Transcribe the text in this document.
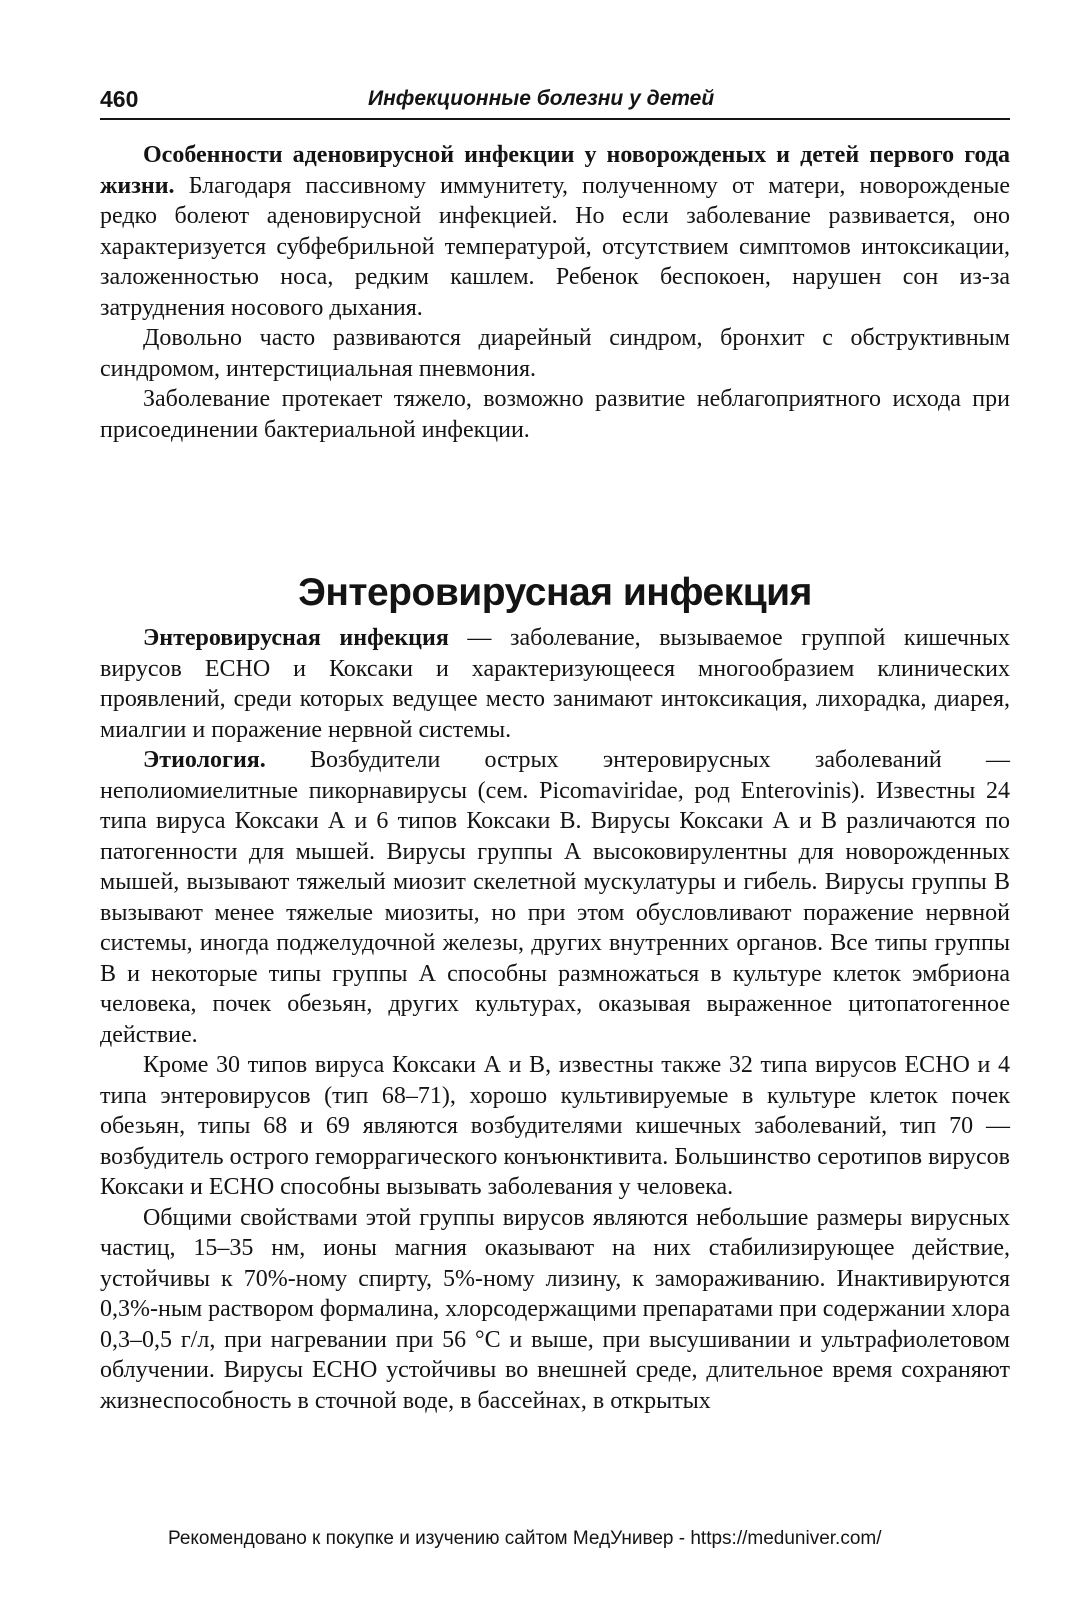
460	Инфекционные болезни у детей

Особенности аденовирусной инфекции у новорожденых и детей первого года жизни. Благодаря пассивному иммунитету, полученному от матери, новорожденые редко болеют аденовирусной инфекцией. Но если заболевание развивается, оно характеризуется субфебрильной температурой, отсутствием симптомов интоксикации, заложенностью носа, редким кашлем. Ребенок беспокоен, нарушен сон из-за затруднения носового дыхания.

Довольно часто развиваются диарейный синдром, бронхит с обструктивным синдромом, интерстициальная пневмония.

Заболевание протекает тяжело, возможно развитие неблагоприятного исхода при присоединении бактериальной инфекции.

Энтеровирусная инфекция

Энтеровирусная инфекция — заболевание, вызываемое группой кишечных вирусов ЕСНО и Коксаки и характеризующееся многообразием клинических проявлений, среди которых ведущее место занимают интоксикация, лихорадка, диарея, миалгии и поражение нервной системы.

Этиология. Возбудители острых энтеровирусных заболеваний — неполиомиелитные пикорнавирусы (сем. Picomaviridae, род Enterovinis). Известны 24 типа вируса Коксаки А и 6 типов Коксаки В. Вирусы Коксаки А и В различаются по патогенности для мышей. Вирусы группы А высоковирулентны для новорожденных мышей, вызывают тяжелый миозит скелетной мускулатуры и гибель. Вирусы группы В вызывают менее тяжелые миозиты, но при этом обусловливают поражение нервной системы, иногда поджелудочной железы, других внутренних органов. Все типы группы В и некоторые типы группы А способны размножаться в культуре клеток эмбриона человека, почек обезьян, других культурах, оказывая выраженное цитопатогенное действие.

Кроме 30 типов вируса Коксаки А и В, известны также 32 типа вирусов ЕСНО и 4 типа энтеровирусов (тип 68–71), хорошо культивируемые в культуре клеток почек обезьян, типы 68 и 69 являются возбудителями кишечных заболеваний, тип 70 — возбудитель острого геморрагического конъюнктивита. Большинство серотипов вирусов Коксаки и ЕСНО способны вызывать заболевания у человека.

Общими свойствами этой группы вирусов являются небольшие размеры вирусных частиц, 15–35 нм, ионы магния оказывают на них стабилизирующее действие, устойчивы к 70%-ному спирту, 5%-ному лизину, к замораживанию. Инактивируются 0,3%-ным раствором формалина, хлорсодержащими препаратами при содержании хлора 0,3–0,5 г/л, при нагревании при 56 °С и выше, при высушивании и ультрафиолетовом облучении. Вирусы ЕСНО устойчивы во внешней среде, длительное время сохраняют жизнеспособность в сточной воде, в бассейнах, в открытых

Рекомендовано к покупке и изучению сайтом МедУнивер - https://meduniver.com/
